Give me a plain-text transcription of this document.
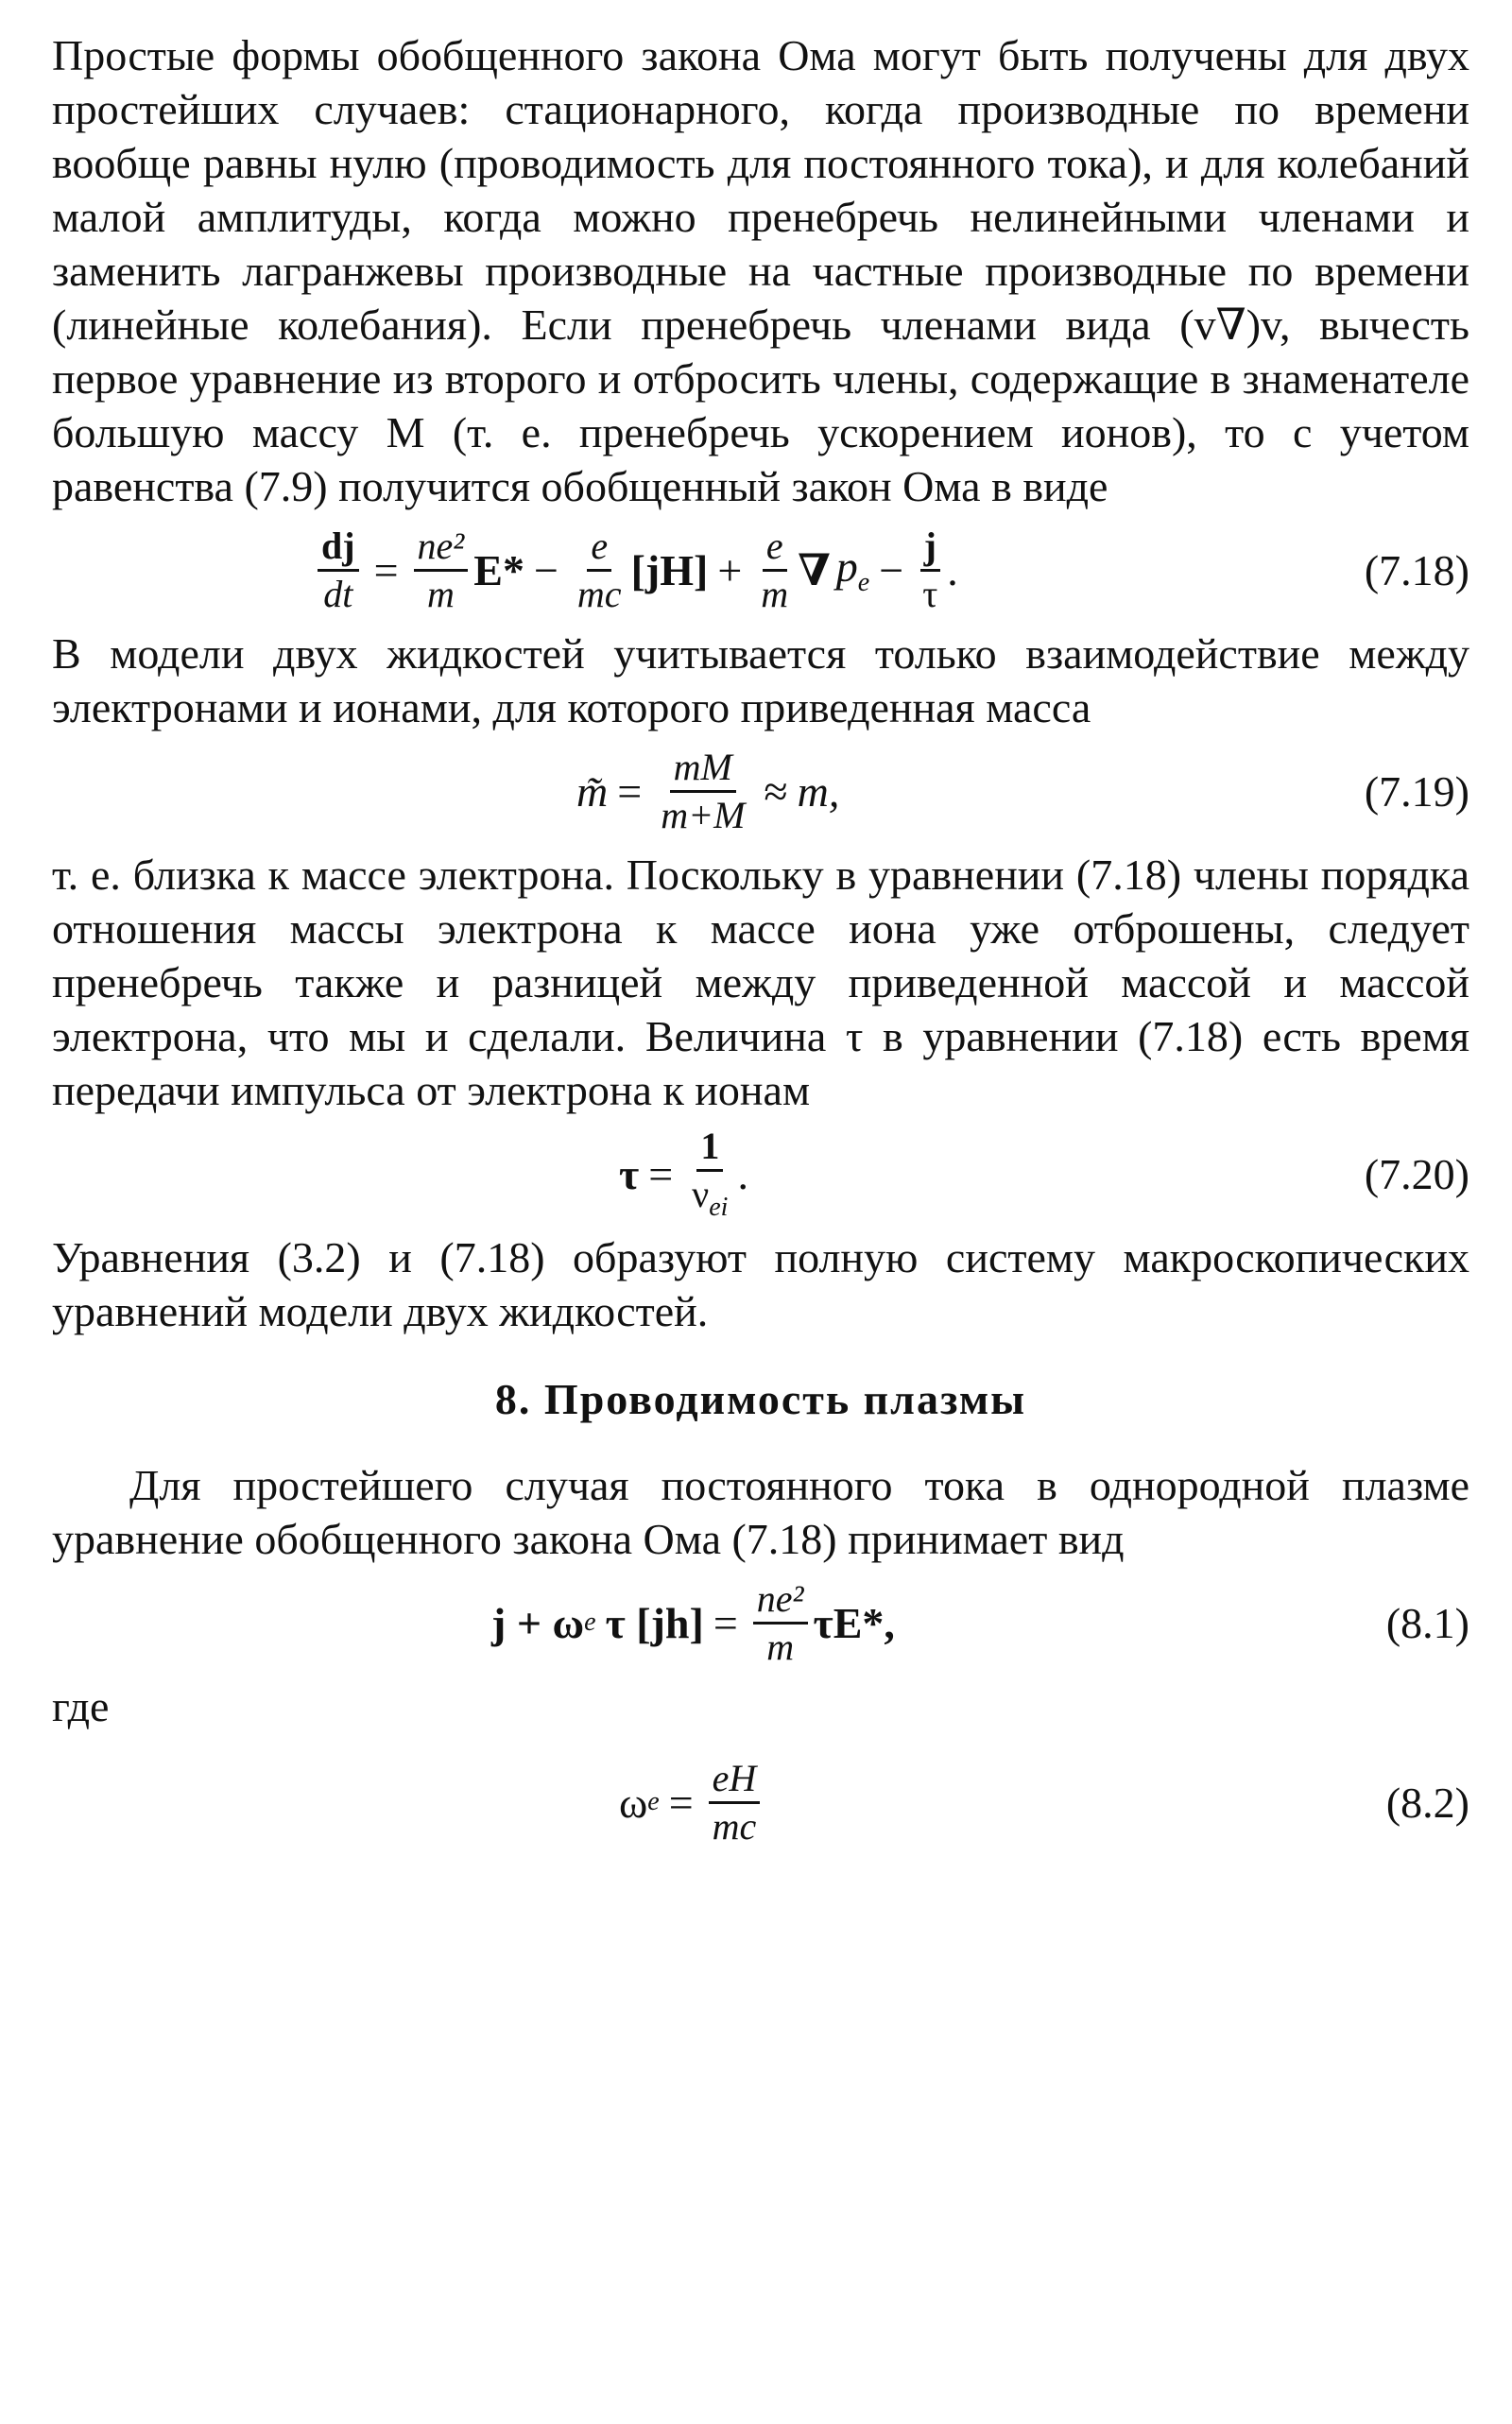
Простые формы обобщенного закона Ома могут быть получены для двух простейших случаев: стационарного, когда производные по времени вообще равны нулю (проводимость для постоянного тока), и для колебаний малой амплитуды, когда можно пренебречь нелинейными членами и заменить лагранжевы производные на частные производные по времени (линейные колебания). Если пренебречь членами вида (v∇)v, вычесть первое уравнение из второго и отбросить члены, содержащие в знаменателе большую массу M (т. е. пренебречь ускорением ионов), то с учетом равенства (7.9) получится обобщенный закон Ома в виде

$\frac{dj}{dt} = \frac{\text{ne²}}{m} E* - \frac{e}{mc} [jH] + \frac{e}{m}$ ∇ $p_e - \frac{j}{\tau}$ .	(7.18)

В модели двух жидкостей учитывается только взаимодействие между электронами и ионами, для которого приведенная масса

m̃ = $\frac{mM}{m+M} \approx m$,	(7.19)

т. е. близка к массе электрона. Поскольку в уравнении (7.18) члены порядка отношения массы электрона к массе иона уже отброшены, следует пренебречь также и разницей между приведенной массой и массой электрона, что мы и сделали. Величина τ в уравнении (7.18) есть время передачи импульса от электрона к ионам

$\tau = \frac{1}{\nu_{ei}}$ .	(7.20)

Уравнения (3.2) и (7.18) образуют полную систему макроскопических уравнений модели двух жидкостей.

8. Проводимость плазмы

Для простейшего случая постоянного тока в однородной плазме уравнение обобщенного закона Ома (7.18) принимает вид

j + ω e τ $[jh] = \frac{\text{ne²}}{m} \tau E*$,	(8.1)
где
ω $e = \frac{eH}{mc}$	(8.2)
